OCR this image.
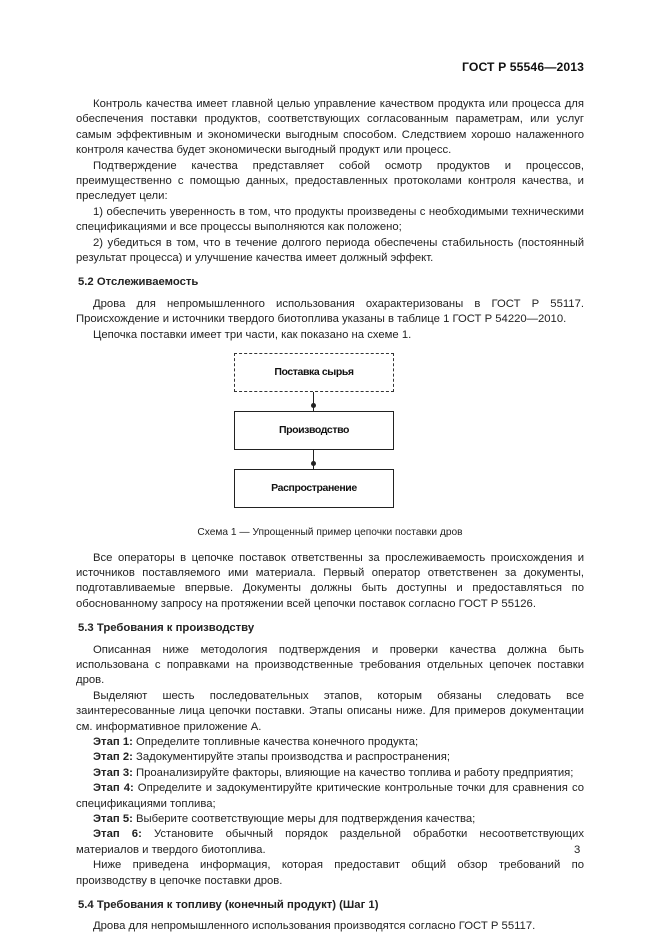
ГОСТ Р 55546—2013

Контроль качества имеет главной целью управление качеством продукта или процесса для обеспечения поставки продуктов, соответствующих согласованным параметрам, или услуг самым эффективным и экономически выгодным способом. Следствием хорошо налаженного контроля качества будет экономически выгодный продукт или процесс.

Подтверждение качества представляет собой осмотр продуктов и процессов, преимущественно с помощью данных, предоставленных протоколами контроля качества, и преследует цели:

1) обеспечить уверенность в том, что продукты произведены с необходимыми техническими спецификациями и все процессы выполняются как положено;

2) убедиться в том, что в течение долгого периода обеспечены стабильность (постоянный результат процесса) и улучшение качества имеет должный эффект.

5.2 Отслеживаемость

Дрова для непромышленного использования охарактеризованы в ГОСТ Р 55117. Происхождение и источники твердого биотоплива указаны в таблице 1 ГОСТ Р 54220—2010.

Цепочка поставки имеет три части, как показано на схеме 1.

Поставка сырья
Производство
Распространение

Схема 1 — Упрощенный пример цепочки поставки дров

Все операторы в цепочке поставок ответственны за прослеживаемость происхождения и источников поставляемого ими материала. Первый оператор ответственен за документы, подготавливаемые впервые. Документы должны быть доступны и предоставляться по обоснованному запросу на протяжении всей цепочки поставок согласно ГОСТ Р 55126.

5.3 Требования к производству

Описанная ниже методология подтверждения и проверки качества должна быть использована с поправками на производственные требования отдельных цепочек поставки дров.

Выделяют шесть последовательных этапов, которым обязаны следовать все заинтересованные лица цепочки поставки. Этапы описаны ниже. Для примеров документации см. информативное приложение А.

Этап 1: Определите топливные качества конечного продукта;

Этап 2: Задокументируйте этапы производства и распространения;

Этап 3: Проанализируйте факторы, влияющие на качество топлива и работу предприятия;

Этап 4: Определите и задокументируйте критические контрольные точки для сравнения со спецификациями топлива;

Этап 5: Выберите соответствующие меры для подтверждения качества;

Этап 6: Установите обычный порядок раздельной обработки несоответствующих материалов и твердого биотоплива.

Ниже приведена информация, которая предоставит общий обзор требований по производству в цепочке поставки дров.

5.4 Требования к топливу (конечный продукт) (Шаг 1)

Дрова для непромышленного использования производятся согласно ГОСТ Р 55117.

3
